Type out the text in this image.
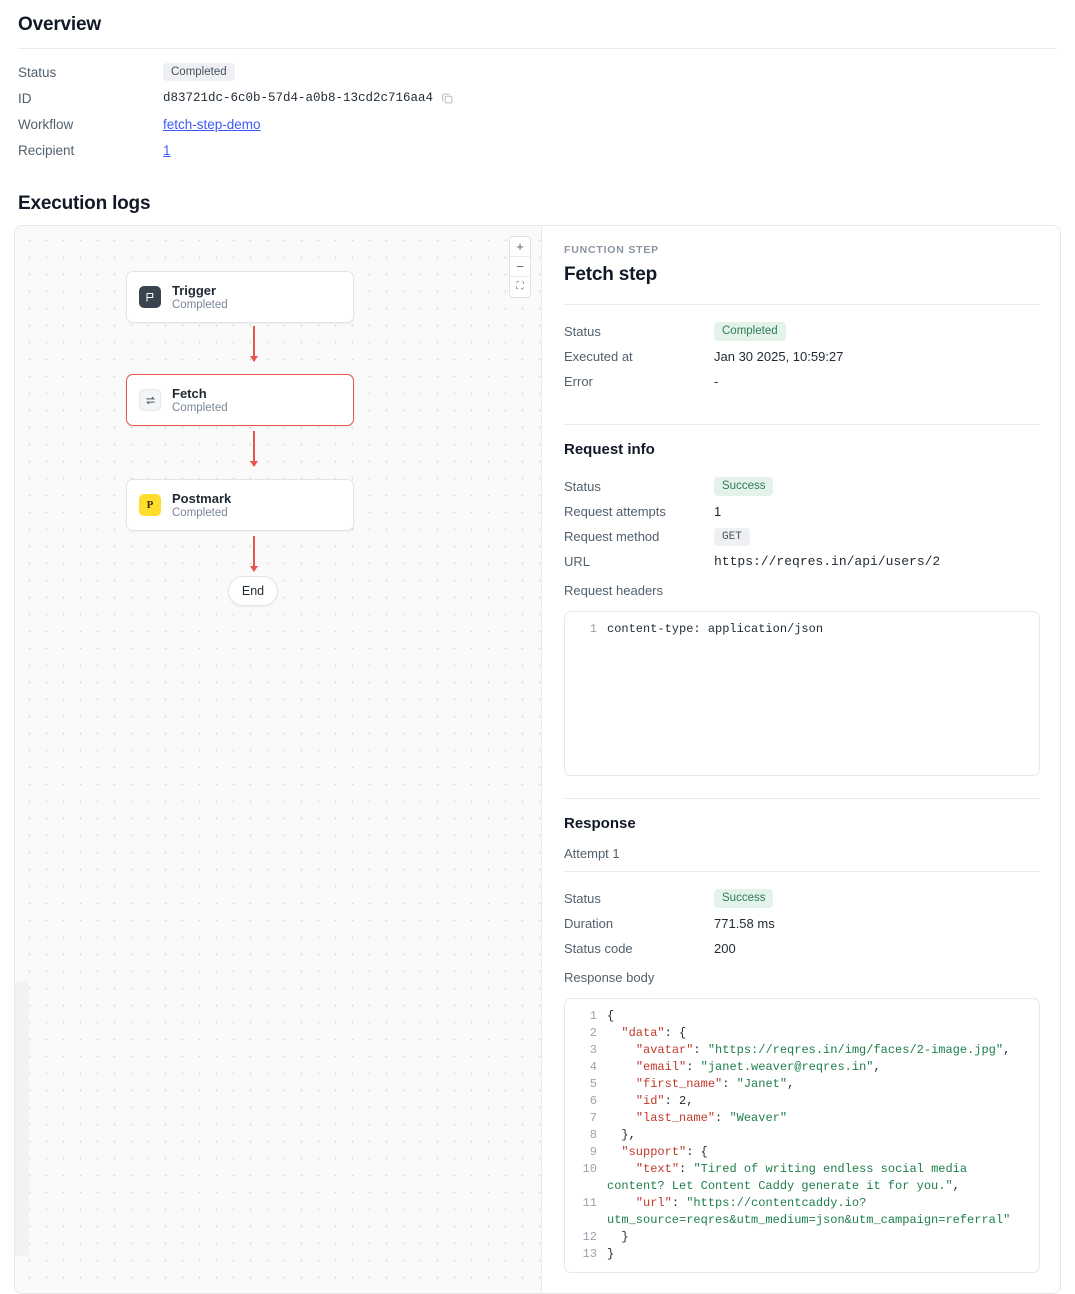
Overview
Status	Completed
ID	d83721dc-6c0b-57d4-a0b8-13cd2c716aa4
Workflow	fetch-step-demo
Recipient	1
Execution logs
+
−
⛶
Trigger
Completed
Fetch
Completed
P	Postmark
Completed
End
FUNCTION STEP
Fetch step
Status	Completed
Executed at	Jan 30 2025, 10:59:27
Error	-
Request info
Status	Success
Request attempts	1
Request method	GET
URL	https://reqres.in/api/users/2
Request headers
1 content-type: application/json
Response
Attempt 1
Status	Success
Duration	771.58 ms
Status code	200
Response body
1 {
2	"data": {
3	"avatar": "https://reqres.in/img/faces/2-image.jpg",
4	"email": "janet.weaver@reqres.in",
5	"first_name": "Janet",
6	"id": 2,
7	"last_name": "Weaver"
8 },
9	"support": {
10	"text": "Tired of writing endless social media content? Let Content Caddy generate it for you.",
11	"url": "https://contentcaddy.io?utm_source=reqres&utm_medium=json&utm_campaign=referral"
12 }
13 }
